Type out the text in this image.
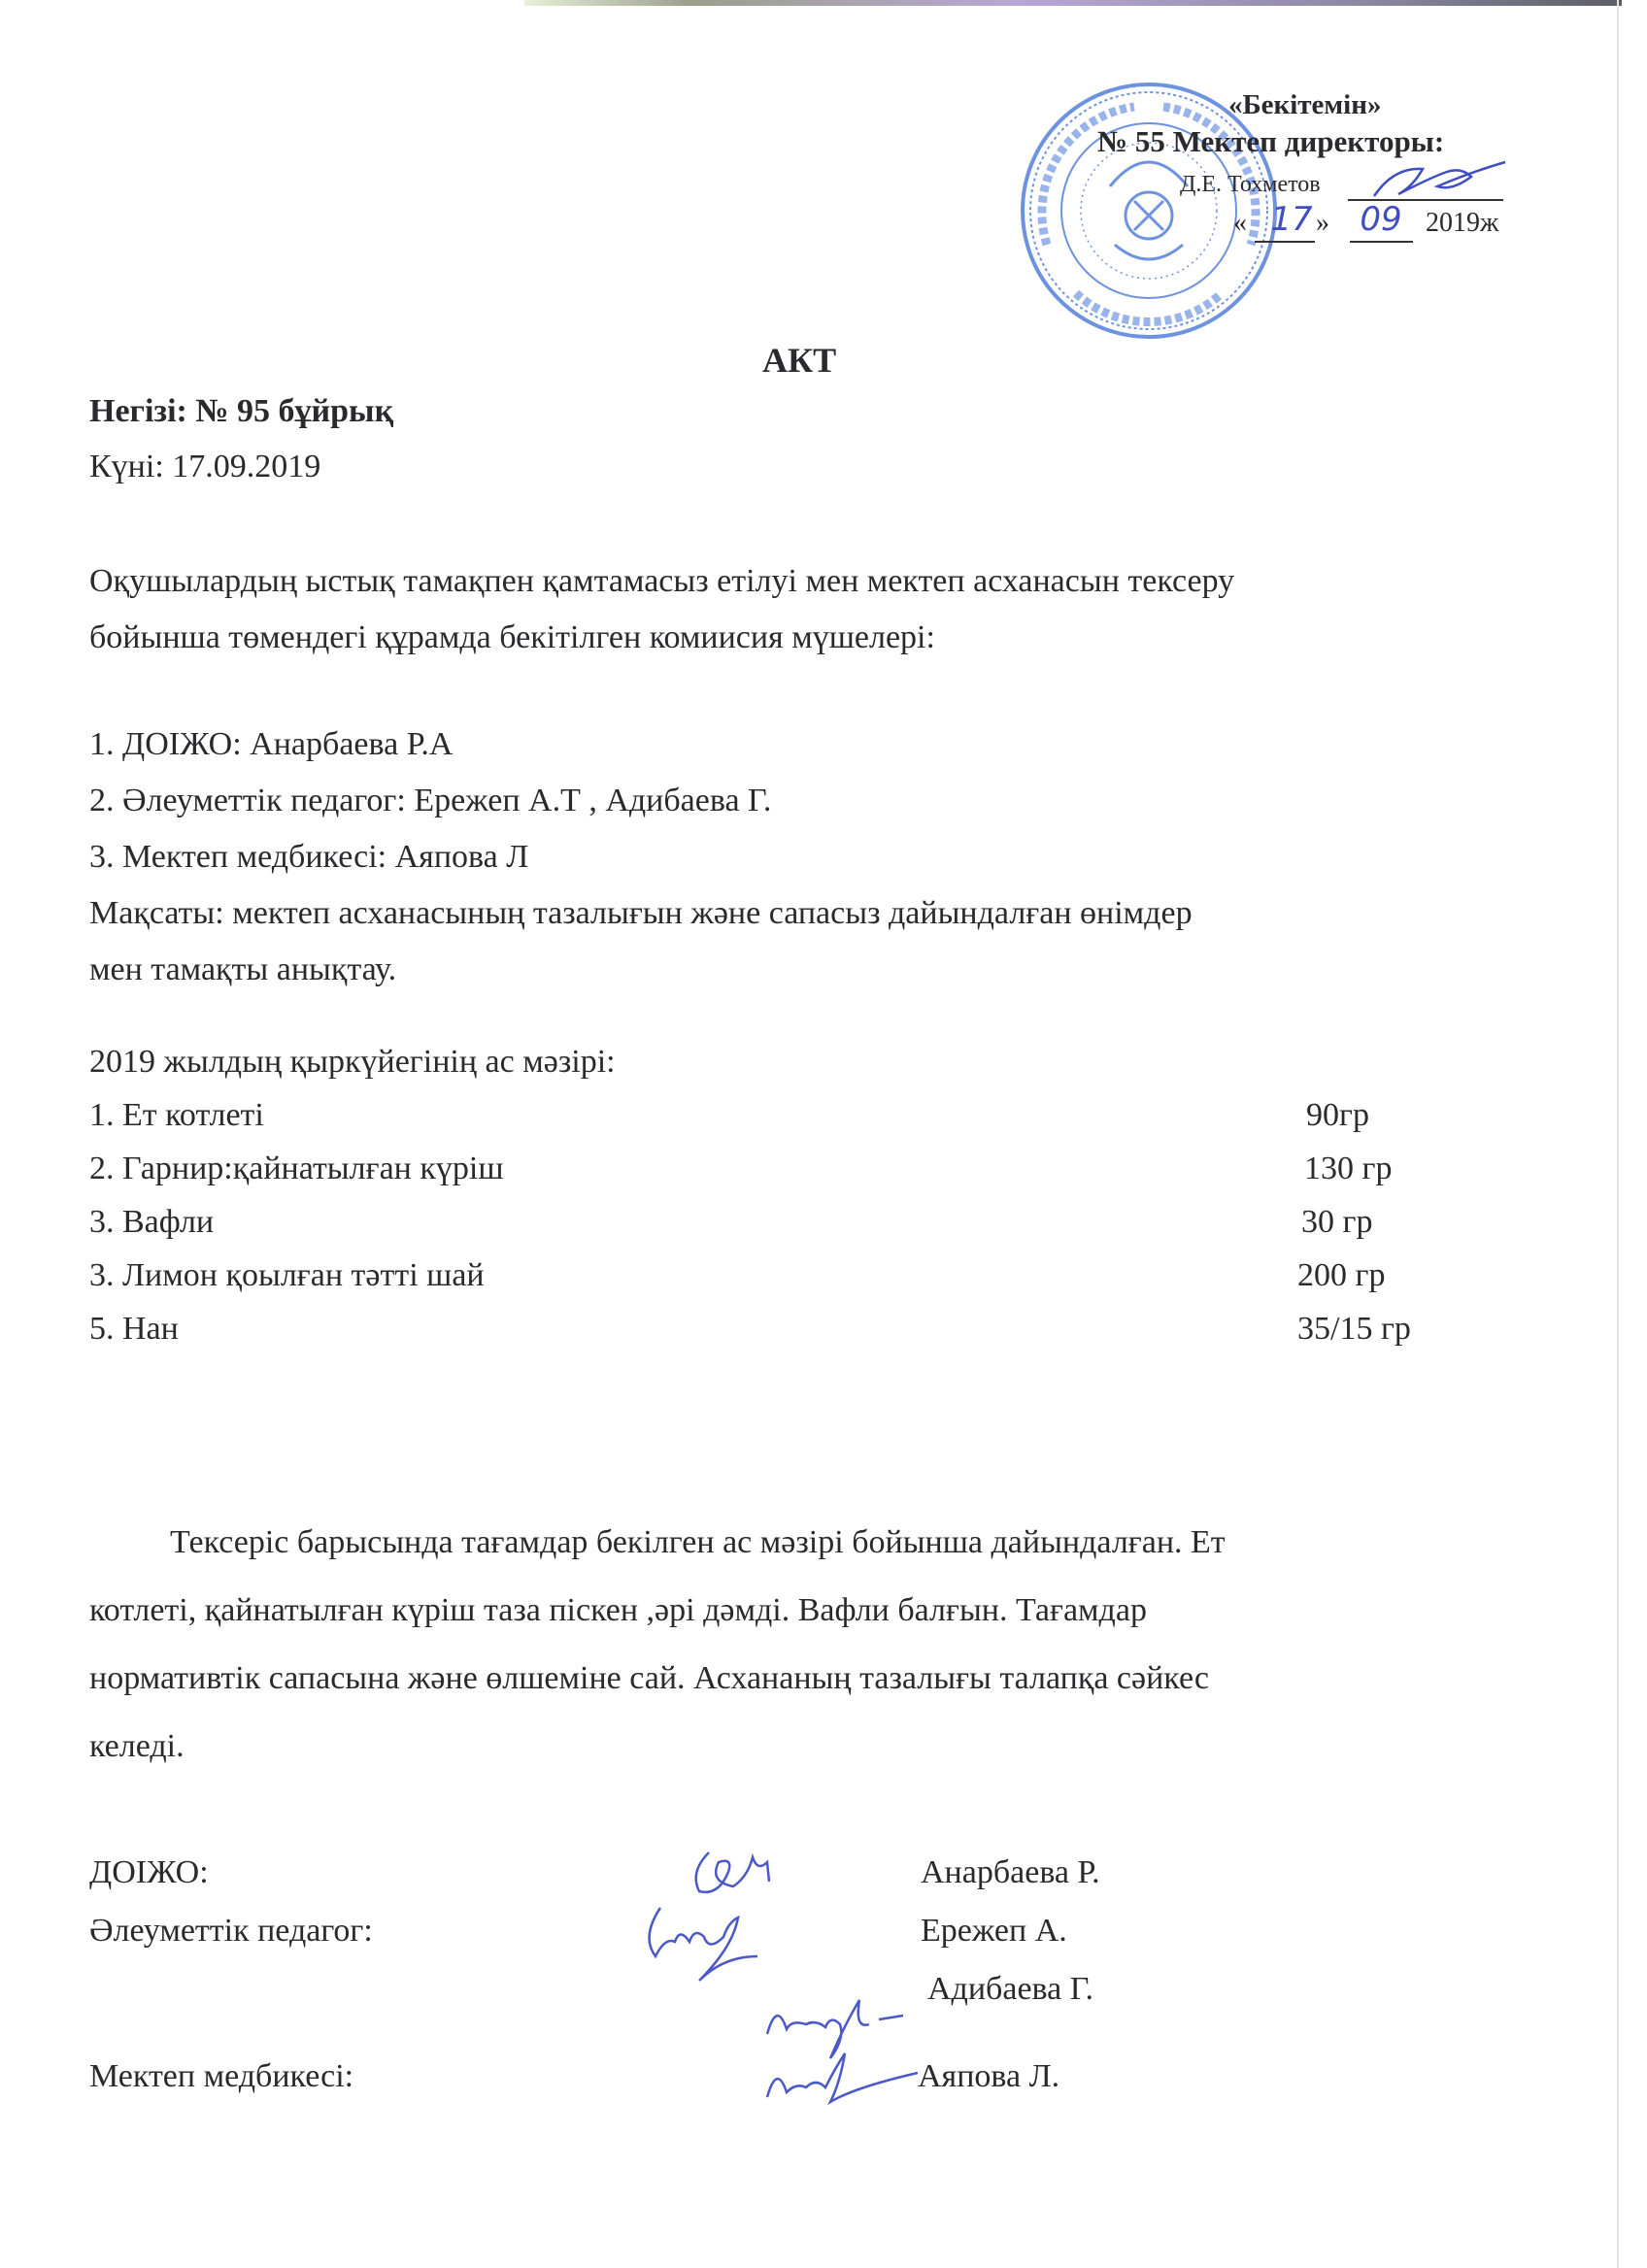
«Бекітемін»
№ 55 Мектеп директоры:
Д.Е. Тохметов
« 17 » 09 2019ж
АКТ
Негізі: № 95 бұйрық
Күні: 17.09.2019
Оқушылардың ыстық тамақпен қамтамасыз етілуі мен мектеп асханасын тексеру
бойынша төмендегі құрамда бекітілген комиисия мүшелері:
1. ДОІЖО: Анарбаева Р.А
2. Әлеуметтік педагог: Ережеп А.Т , Адибаева Г.
3. Мектеп медбикесі: Аяпова Л
Мақсаты: мектеп асханасының тазалығын және сапасыз дайындалған өнімдер
мен тамақты анықтау.
2019 жылдың қыркүйегінің ас мәзірі:
1. Ет котлеті	90гр
2. Гарнир:қайнатылған күріш	130 гр
3. Вафли	30 гр
3. Лимон қоылған тәтті шай	200 гр
5. Нан	35/15 гр
Тексеріс барысында тағамдар бекілген ас мәзірі бойынша дайындалған. Ет
котлеті, қайнатылған күріш таза піскен ,әрі дәмді. Вафли балғын. Тағамдар
нормативтік сапасына және өлшеміне сай. Асхананың тазалығы талапқа сәйкес
келеді.
ДОІЖО:	Анарбаева Р.
Әлеуметтік педагог:	Ережеп А.
Адибаева Г.
Мектеп медбикесі:	Аяпова Л.
